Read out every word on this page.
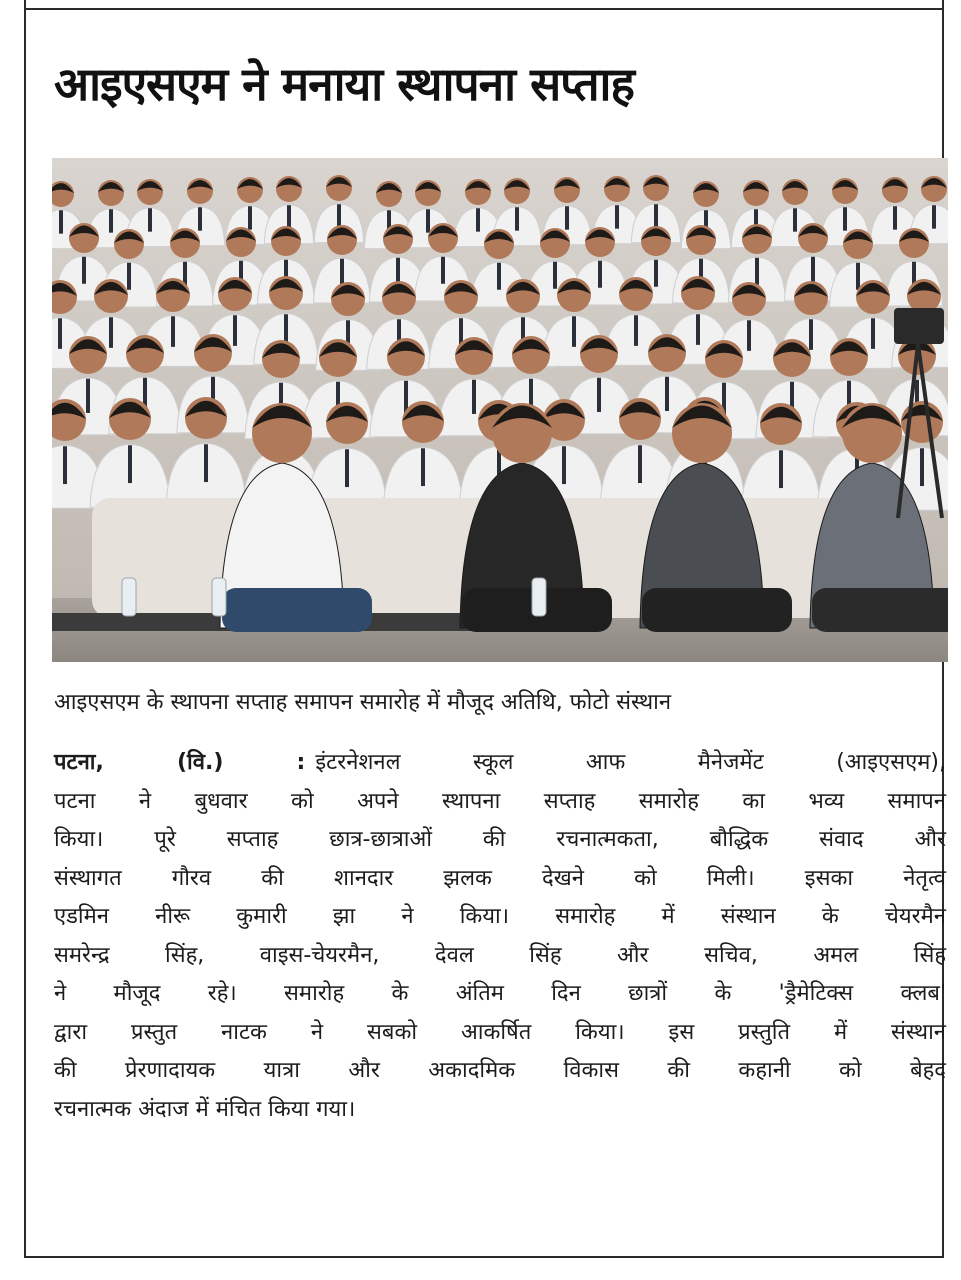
आइएसएम ने मनाया स्थापना सप्ताह

आइएसएम के स्थापना सप्ताह समापन समारोह में मौजूद अतिथि, फोटो संस्थान

पटना, (वि.) : इंटरनेशनल स्कूल आफ मैनेजमेंट (आइएसएम),
पटना ने बुधवार को अपने स्थापना सप्ताह समारोह का भव्य समापन
किया। पूरे सप्ताह छात्र-छात्राओं की रचनात्मकता, बौद्धिक संवाद और
संस्थागत गौरव की शानदार झलक देखने को मिली। इसका नेतृत्व
एडमिन नीरू कुमारी झा ने किया। समारोह में संस्थान के चेयरमैन
समरेन्द्र सिंह, वाइस-चेयरमैन, देवल सिंह और सचिव, अमल सिंह
ने मौजूद रहे। समारोह के अंतिम दिन छात्रों के 'ड्रैमेटिक्स क्लब'
द्वारा प्रस्तुत नाटक ने सबको आकर्षित किया। इस प्रस्तुति में संस्थान
की प्रेरणादायक यात्रा और अकादमिक विकास की कहानी को बेहद
रचनात्मक अंदाज में मंचित किया गया।
